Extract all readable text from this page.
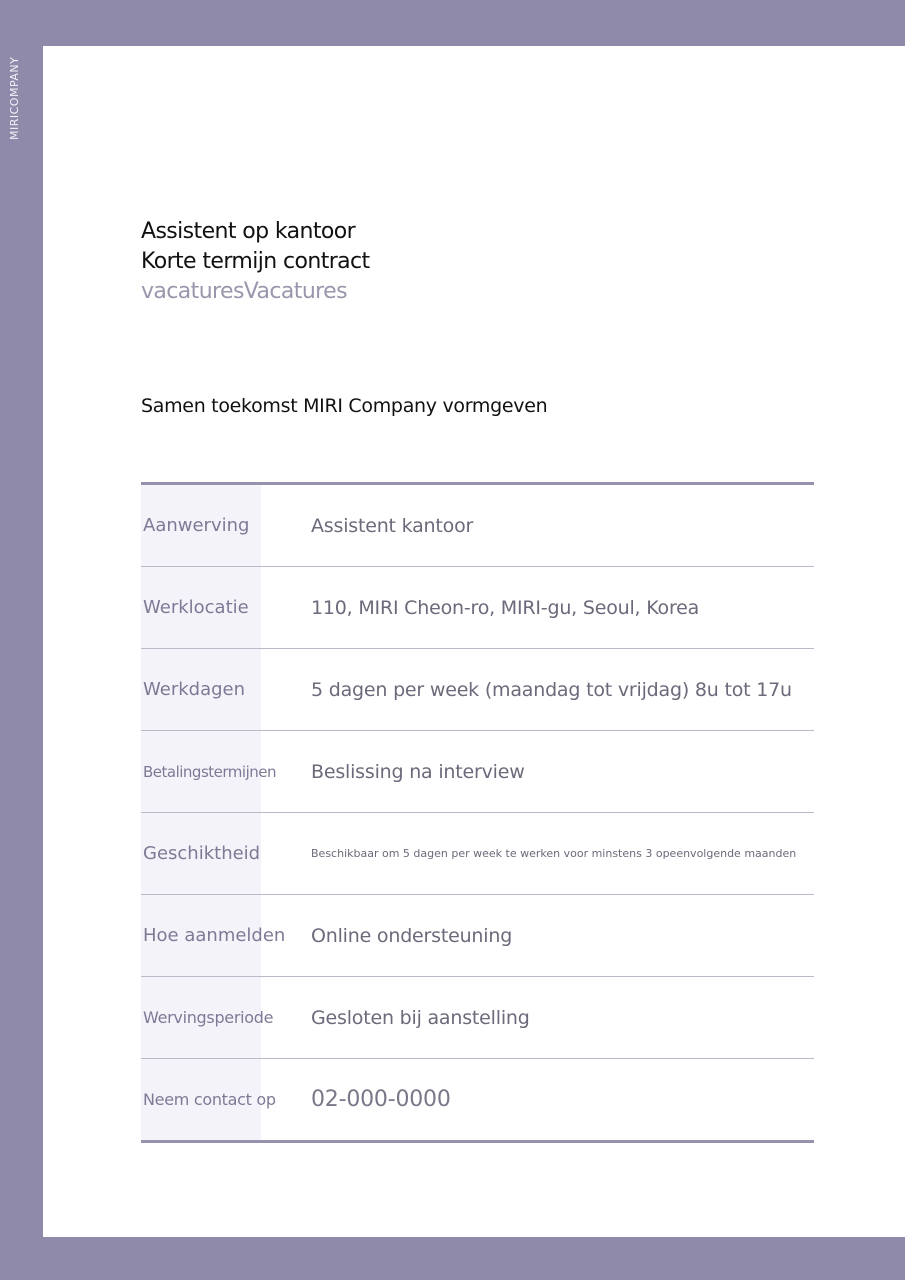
MIRICOMPANY
Assistent op kantoor
Korte termijn contract
vacaturesVacatures
Samen toekomst MIRI Company vormgeven
Aanwerving	Assistent kantoor
Werklocatie	110, MIRI Cheon-ro, MIRI-gu, Seoul, Korea
Werkdagen	5 dagen per week (maandag tot vrijdag) 8u tot 17u
Betalingstermijnen	Beslissing na interview
Geschiktheid	Beschikbaar om 5 dagen per week te werken voor minstens 3 opeenvolgende maanden
Hoe aanmelden	Online ondersteuning
Wervingsperiode	Gesloten bij aanstelling
Neem contact op	02-000-0000
